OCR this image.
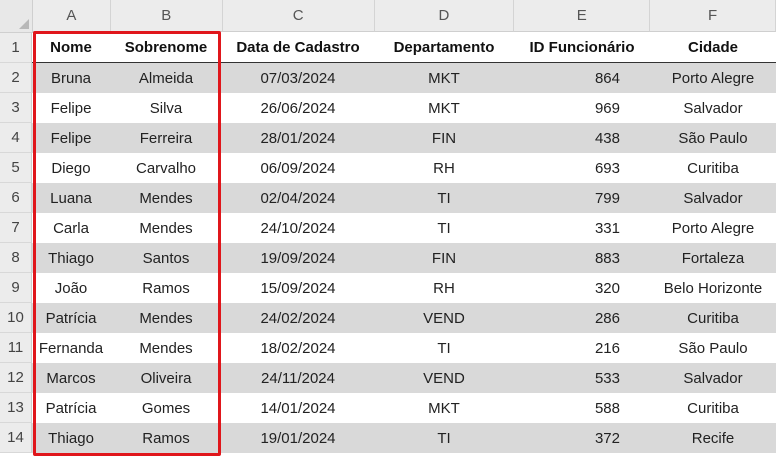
A	B	C	D	E	F
1	Nome	Sobrenome	Data de Cadastro	Departamento	ID Funcionário	Cidade
2	Bruna	Almeida	07/03/2024	MKT	864	Porto Alegre
3	Felipe	Silva	26/06/2024	MKT	969	Salvador
4	Felipe	Ferreira	28/01/2024	FIN	438	São Paulo
5	Diego	Carvalho	06/09/2024	RH	693	Curitiba
6	Luana	Mendes	02/04/2024	TI	799	Salvador
7	Carla	Mendes	24/10/2024	TI	331	Porto Alegre
8	Thiago	Santos	19/09/2024	FIN	883	Fortaleza
9	João	Ramos	15/09/2024	RH	320	Belo Horizonte
10	Patrícia	Mendes	24/02/2024	VEND	286	Curitiba
11	Fernanda	Mendes	18/02/2024	TI	216	São Paulo
12	Marcos	Oliveira	24/11/2024	VEND	533	Salvador
13	Patrícia	Gomes	14/01/2024	MKT	588	Curitiba
14	Thiago	Ramos	19/01/2024	TI	372	Recife
